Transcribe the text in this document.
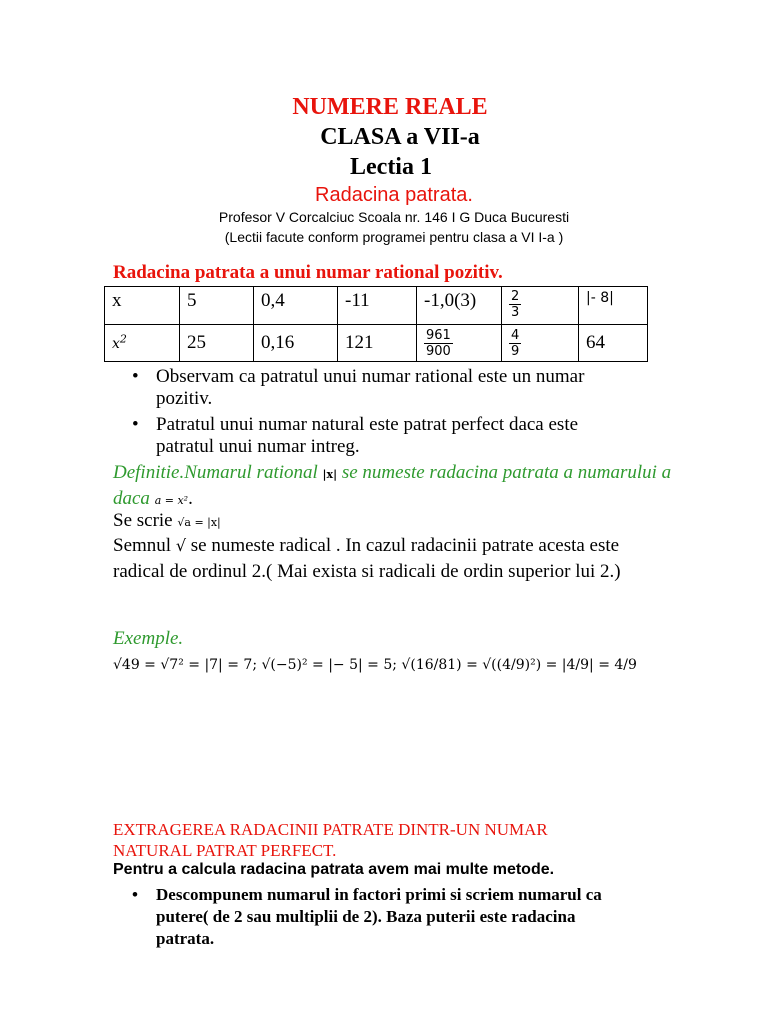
NUMERE REALE
CLASA a VII-a
Lectia 1
Radacina patrata.
Profesor V Corcalciuc Scoala nr. 146 I G Duca Bucuresti
(Lectii facute conform programei pentru clasa a VI I-a )
Radacina patrata a unui numar rational pozitiv.
x	5	0,4	-11	-1,0(3)	$\frac{2}{3}$	|- 8|
$x^2$	25	0,16	121	$\frac{961}{900}$	$\frac{4}{9}$	64
• Observam ca patratul unui numar rational este un numar pozitiv.
• Patratul unui numar natural este patrat perfect daca este patratul unui numar intreg.
Definitie.Numarul rational |x| se numeste radacina patrata a numarului a daca a = x².
Se scrie √a = |x|
Semnul √ se numeste radical . In cazul radacinii patrate acesta este radical de ordinul 2.( Mai exista si radicali de ordin superior lui 2.)
Exemple.
√49 = √7² = |7| = 7; √(−5)² = |− 5| = 5; √(16/81) = √((4/9)²) = |4/9| = 4/9
EXTRAGEREA RADACINII PATRATE DINTR-UN NUMAR NATURAL PATRAT PERFECT.
Pentru a calcula radacina patrata avem mai multe metode.
• Descompunem numarul in factori primi si scriem numarul ca putere( de 2 sau multiplii de 2). Baza puterii este radacina patrata.
